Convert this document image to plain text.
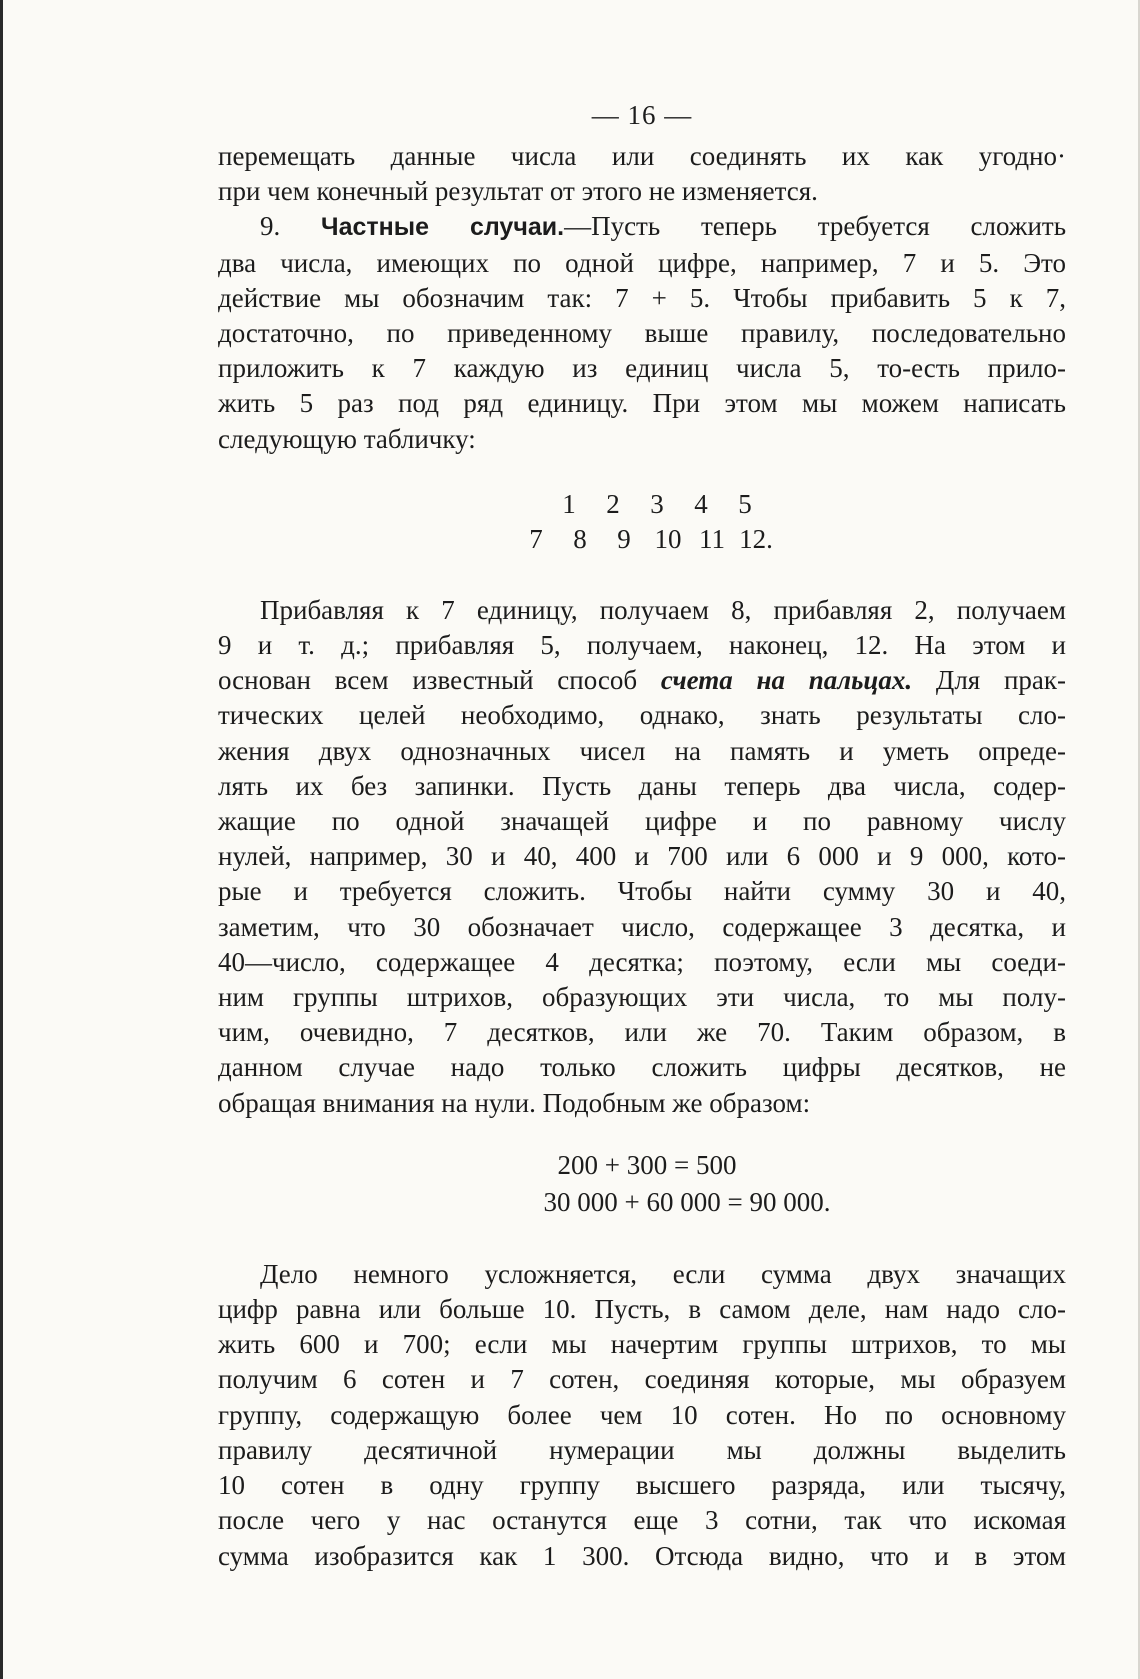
— 16 —

перемещать данные числа или соединять их как угодно·
при чем конечный результат от этого не изменяется.

9. Частные случаи.—Пусть теперь требуется сложить
два числа, имеющих по одной цифре, например, 7 и 5. Это
действие мы обозначим так: 7 + 5. Чтобы прибавить 5 к 7,
достаточно, по приведенному выше правилу, последовательно
приложить к 7 каждую из единиц числа 5, то-есть прило-
жить 5 раз под ряд единицу. При этом мы можем написать
следующую табличку:

1	2	3	4	5
7	8	9 10 11 12.

Прибавляя к 7 единицу, получаем 8, прибавляя 2, получаем
9 и т. д.; прибавляя 5, получаем, наконец, 12. На этом и
основан всем известный способ счета на пальцах. Для прак-
тических целей необходимо, однако, знать результаты сло-
жения двух однозначных чисел на память и уметь опреде-
лять их без запинки. Пусть даны теперь два числа, содер-
жащие по одной значащей цифре и по равному числу
нулей, например, 30 и 40, 400 и 700 или 6 000 и 9 000, кото-
рые и требуется сложить. Чтобы найти сумму 30 и 40,
заметим, что 30 обозначает число, содержащее 3 десятка, и
40—число, содержащее 4 десятка; поэтому, если мы соеди-
ним группы штрихов, образующих эти числа, то мы полу-
чим, очевидно, 7 десятков, или же 70. Таким образом, в
данном случае надо только сложить цифры десятков, не
обращая внимания на нули. Подобным же образом:

200 + 300 = 500
30 000 + 60 000 = 90 000.

Дело немного усложняется, если сумма двух значащих
цифр равна или больше 10. Пусть, в самом деле, нам надо сло-
жить 600 и 700; если мы начертим группы штрихов, то мы
получим 6 сотен и 7 сотен, соединяя которые, мы образуем
группу, содержащую более чем 10 сотен. Но по основному
правилу десятичной нумерации мы должны выделить
10 сотен в одну группу высшего разряда, или тысячу,
после чего у нас останутся еще 3 сотни, так что искомая
сумма изобразится как 1 300. Отсюда видно, что и в этом
